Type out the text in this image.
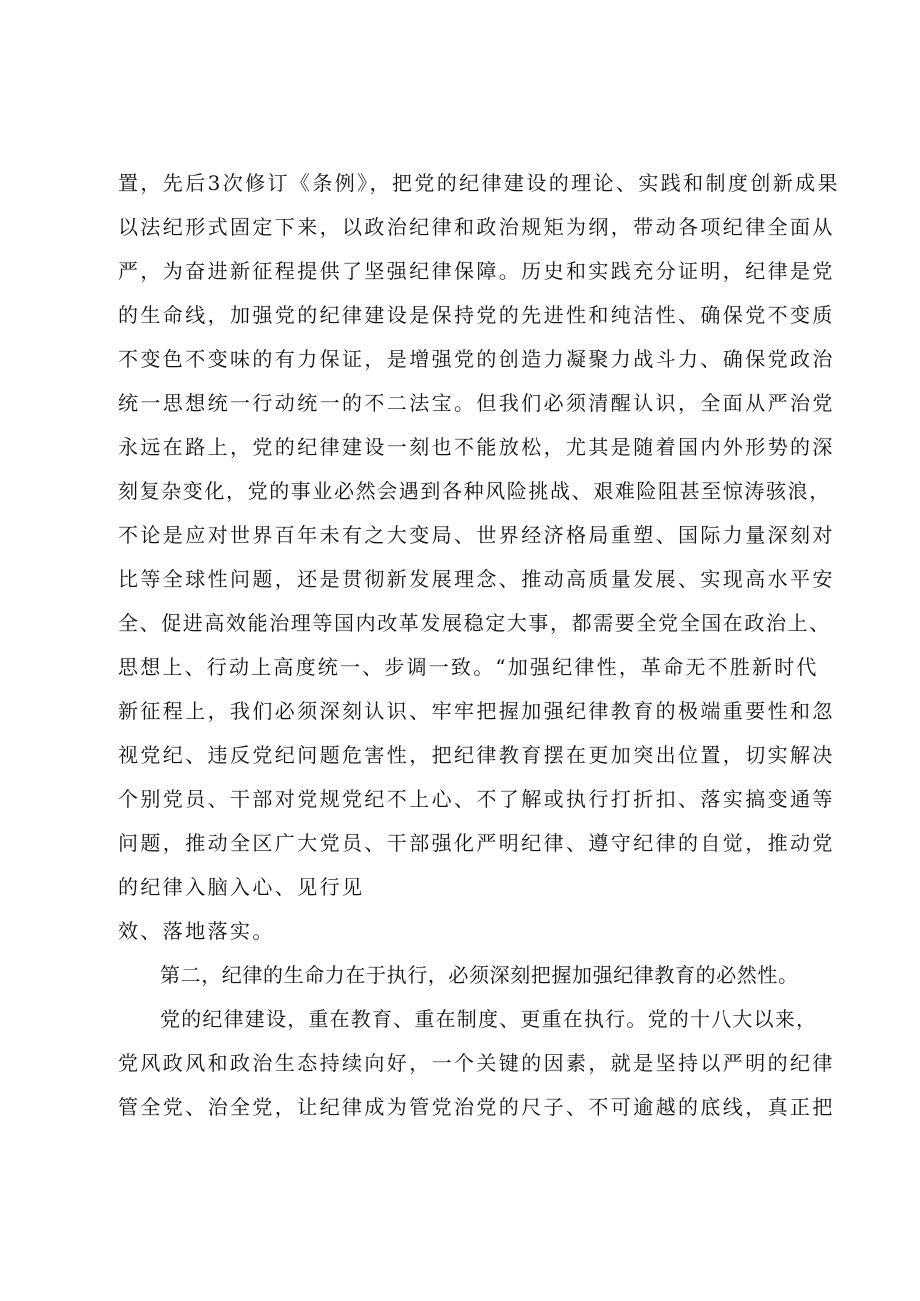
置，先后3次修订《条例》，把党的纪律建设的理论、实践和制度创新成果
以法纪形式固定下来，以政治纪律和政治规矩为纲，带动各项纪律全面从
严，为奋进新征程提供了坚强纪律保障。历史和实践充分证明，纪律是党
的生命线，加强党的纪律建设是保持党的先进性和纯洁性、确保党不变质
不变色不变味的有力保证，是增强党的创造力凝聚力战斗力、确保党政治
统一思想统一行动统一的不二法宝。但我们必须清醒认识，全面从严治党
永远在路上，党的纪律建设一刻也不能放松，尤其是随着国内外形势的深
刻复杂变化，党的事业必然会遇到各种风险挑战、艰难险阻甚至惊涛骇浪，
不论是应对世界百年未有之大变局、世界经济格局重塑、国际力量深刻对
比等全球性问题，还是贯彻新发展理念、推动高质量发展、实现高水平安
全、促进高效能治理等国内改革发展稳定大事，都需要全党全国在政治上、
思想上、行动上高度统一、步调一致。“加强纪律性，革命无不胜新时代
新征程上，我们必须深刻认识、牢牢把握加强纪律教育的极端重要性和忽
视党纪、违反党纪问题危害性，把纪律教育摆在更加突出位置，切实解决
个别党员、干部对党规党纪不上心、不了解或执行打折扣、落实搞变通等
问题，推动全区广大党员、干部强化严明纪律、遵守纪律的自觉，推动党
的纪律入脑入心、见行见
效、落地落实。
第二，纪律的生命力在于执行，必须深刻把握加强纪律教育的必然性。
党的纪律建设，重在教育、重在制度、更重在执行。党的十八大以来，
党风政风和政治生态持续向好，一个关键的因素，就是坚持以严明的纪律
管全党、治全党，让纪律成为管党治党的尺子、不可逾越的底线，真正把
